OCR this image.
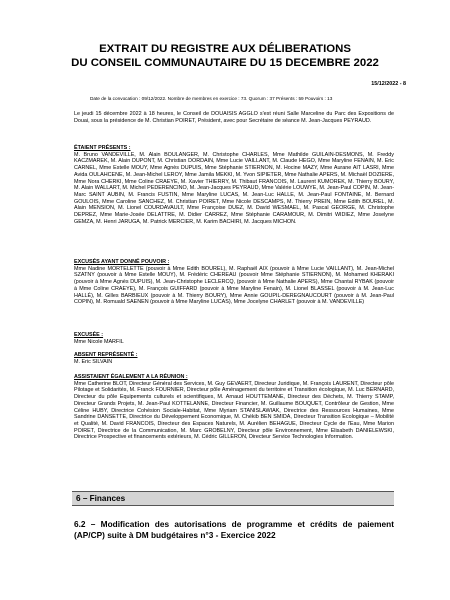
EXTRAIT DU REGISTRE AUX DÉLIBERATIONS
DU CONSEIL COMMUNAUTAIRE DU 15 DECEMBRE 2022
15/12/2022 - 8
Date de la convocation : 09/12/2022. Nombre de membres en exercice : 73. Quorum : 37 Présents : 59 Pouvoirs : 13

Le jeudi 15 décembre 2022 à 18 heures, le Conseil de DOUAISIS AGGLO s'est réuni Salle Marceline du Parc des Expositions de Douai, sous la présidence de M. Christian POIRET, Président, avec pour Secrétaire de séance M. Jean-Jacques PEYRAUD.

ÉTAIENT PRÉSENTS :

M. Bruno VANDEVILLE, M. Alain BOULANGER, M. Christophe CHARLES, Mme Mathilde GUILAIN-DESMONS, M. Freddy KACZMAREK, M. Alain DUPONT, M. Christian DORDAIN, Mme Lucie VAILLANT, M. Claude HEGO, Mme Maryline FENAIN, M. Eric CARNEL, Mme Estelle MOUY, Mme Agnès DUPUIS, Mme Stéphanie STIERNON, M. Hocine MAZY, Mme Aurane AIT LASRI, Mme Avida OULAHCENE, M. Jean-Michel LEROY, Mme Jamila MEKKI, M. Yvon SIPIETER, Mme Nathalie APERS, M. Michaël DOZIERE, Mme Nora CHERKI, Mme Coline CRAEYE, M. Xavier THIERRY, M. Thibaut FRANCOIS, M. Laurent KUMOREK, M. Thierry BOURY, M. Alain WALLART, M. Michel PEDERENCINO, M. Jean-Jacques PEYRAUD, Mme Valérie LOUWYE, M. Jean-Paul COPIN, M. Jean-Marc SAINT AUBIN, M. Francis FUSTIN, Mme Maryline LUCAS, M. Jean-Luc HALLE, M. Jean-Paul FONTAINE, M. Bernard GOULOIS, Mme Caroline SANCHEZ, M. Christian POIRET, Mme Nicole DESCAMPS, M. Thierry PREIN, Mme Edith BOUREL, M. Alain MENSION, M. Lionel COURDAVAULT, Mme Françoise DUEZ, M. David WESMAEL, M. Pascal GEORGE, M. Christophe DEPREZ, Mme Marie-Josée DELATTRE, M. Didier CARREZ, Mme Stéphanie CARAMOUR, M. Dimitri WIDIEZ, Mme Joselyne GEMZA, M. Henri JARUGA, M. Patrick MERCIER, M. Karim BACHIRI, M. Jacques MICHON.

EXCUSÉS AYANT DONNÉ POUVOIR :

Mme Nadine MORTELETTE (pouvoir à Mme Edith BOUREL), M. Raphaël AIX (pouvoir à Mme Lucie VAILLANT), M. Jean-Michel SZATNY (pouvoir à Mme Estelle MOUY), M. Frédéric CHEREAU (pouvoir Mme Stéphanie STIERNON), M. Mohamed KHERAKI (pouvoir à Mme Agnès DUPUIS), M. Jean-Christophe LECLERCQ, (pouvoir à Mme Nathalie APERS), Mme Chantal RYBAK (pouvoir à Mme Coline CRAEYE), M. François GUIFFARD (pouvoir à Mme Maryline Fenain), M. Lionel BLASSEL (pouvoir à M. Jean-Luc HALLÉ), M. Gilles BARBIEUX (pouvoir à M. Thierry BOURY), Mme Annie GOUPIL-DEREGNAUCOURT (pouvoir à M. Jean-Paul COPIN), M. Romuald SAENEN (pouvoir à Mme Maryline LUCAS), Mme Jocelyne CHARLET (pouvoir à M. VANDEVILLE)

EXCUSÉE :

Mme Nicole MARFIL

ABSENT REPRÉSENTÉ :

M. Eric SILVAIN

ASSISTAIENT ÉGALEMENT A LA RÉUNION :

Mme Catherine BLOT, Directeur Général des Services, M. Guy GEVAERT, Directeur Juridique, M. François LAURENT, Directeur pôle Pilotage et Solidarités, M. Franck FOURNIER, Directeur pôle Aménagement du territoire et Transition écologique, M. Luc BERNARD, Directeur du pôle Equipements culturels et scientifiques, M. Arnaud HOUTTEMANE, Directeur des Déchets, M. Thierry STAMP, Directeur Grands Projets, M. Jean-Paul KOTTELANNE, Directeur Financier, M. Guillaume BOUQUET, Contrôleur de Gestion, Mme Céline HUBY, Directrice Cohésion Sociale-Habitat, Mme Myriam STANISLAWIAK, Directrice des Ressources Humaines, Mme Sandrine DANSETTE, Directrice du Développement Economique, M. Chékib BEN SMIDA, Directeur Transition Ecologique – Mobilité et Qualité, M. David FRANCOIS, Directeur des Espaces Naturels, M. Aurélien BEHAGUE, Directeur Cycle de l'Eau, Mme Marion POIRET, Directrice de la Communication, M. Marc GROBELNY, Directeur pôle Environnement, Mme Elisabeth DANIELEWSKI, Directrice Prospective et financements extérieurs, M. Cédric GILLERON, Directeur Service Technologies Information.

6 – Finances
6.2 – Modification des autorisations de programme et crédits de paiement (AP/CP) suite à DM budgétaires n°3 - Exercice 2022
